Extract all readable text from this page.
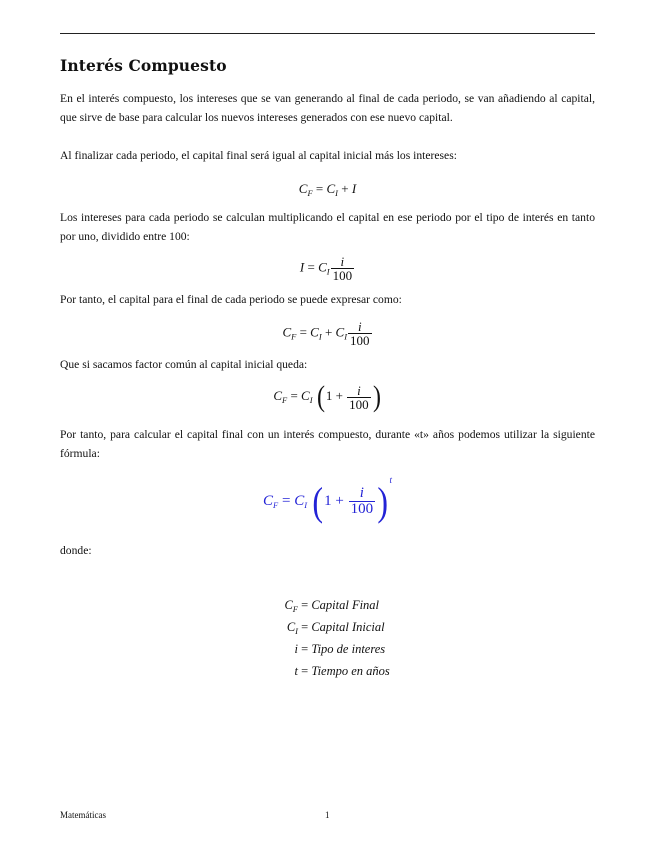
Interés Compuesto

En el interés compuesto, los intereses que se van generando al final de cada periodo, se van añadiendo al capital, que sirve de base para calcular los nuevos intereses generados con ese nuevo capital.

Al finalizar cada periodo, el capital final será igual al capital inicial más los intereses:

$C_F = C_I + I$

Los intereses para cada periodo se calculan multiplicando el capital en ese periodo por el tipo de interés en tanto por uno, dividido entre 100:

$I = C_I \frac{i}{100}$

Por tanto, el capital para el final de cada periodo se puede expresar como:

$C_F = C_I + C_I \frac{i}{100}$

Que si sacamos factor común al capital inicial queda:

$C_F = C_I$ ($1 + \frac{i}{100}$ )

Por tanto, para calcular el capital final con un interés compuesto, durante «t» años podemos utilizar la siguiente fórmula:

$C_F = C_I$ $(1 + \frac{i}{100} )^t$

donde:

$C_F$ = Capital Final
$C_I$ = Capital Inicial
i = Tipo de interes
t = Tiempo en años
Matemáticas	1
